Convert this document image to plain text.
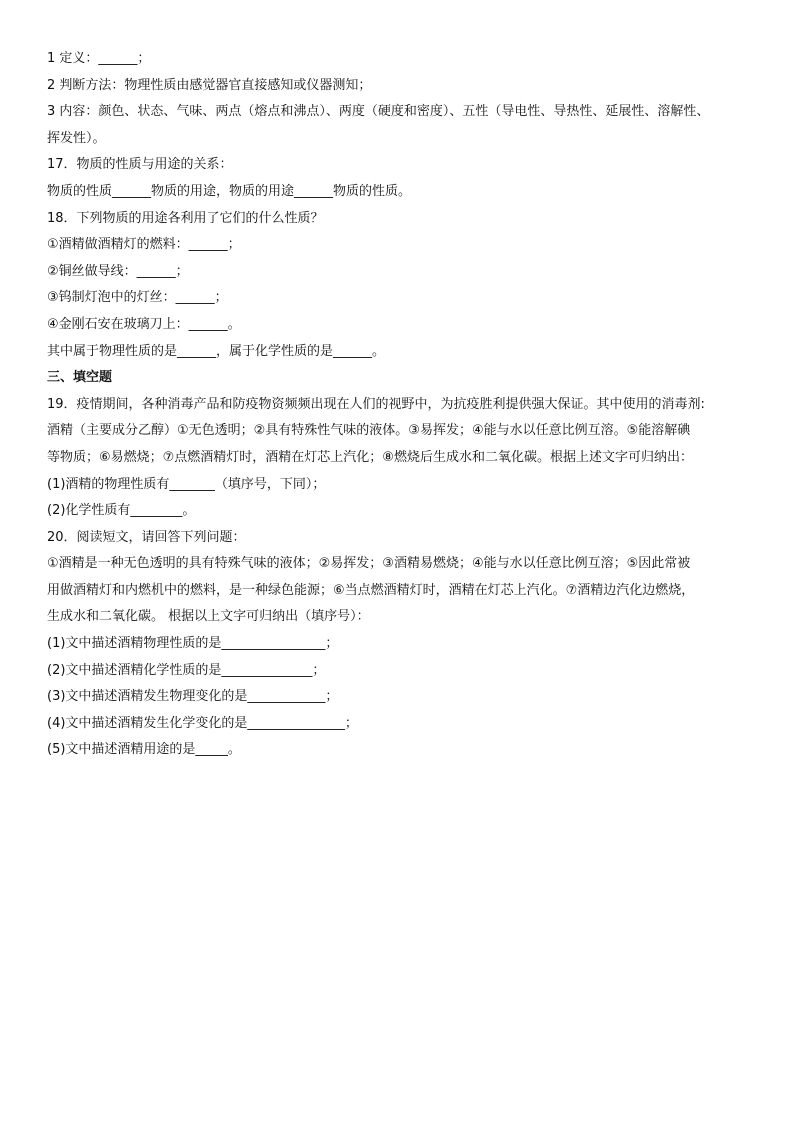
1 定义：______；

2 判断方法：物理性质由感觉器官直接感知或仪器测知；

3 内容：颜色、状态、气味、两点（熔点和沸点）、两度（硬度和密度）、五性（导电性、导热性、延展性、溶解性、

挥发性）。

17．物质的性质与用途的关系：

物质的性质______物质的用途，物质的用途______物质的性质。

18．下列物质的用途各利用了它们的什么性质？

①酒精做酒精灯的燃料：______；

②铜丝做导线：______；

③钨制灯泡中的灯丝：______；

④金刚石安在玻璃刀上：______。

其中属于物理性质的是______，属于化学性质的是______。

三、填空题

19．疫情期间，各种消毒产品和防疫物资频频出现在人们的视野中，为抗疫胜利提供强大保证。其中使用的消毒剂:

酒精（主要成分乙醇）①无色透明；②具有特殊性气味的液体。③易挥发；④能与水以任意比例互溶。⑤能溶解碘

等物质；⑥易燃烧；⑦点燃酒精灯时，酒精在灯芯上汽化；⑧燃烧后生成水和二氧化碳。根据上述文字可归纳出：

(1)酒精的物理性质有_______（填序号，下同）；

(2)化学性质有________。

20．阅读短文，请回答下列问题：

①酒精是一种无色透明的具有特殊气味的液体；②易挥发；③酒精易燃烧；④能与水以任意比例互溶；⑤因此常被

用做酒精灯和内燃机中的燃料，是一种绿色能源；⑥当点燃酒精灯时，酒精在灯芯上汽化。⑦酒精边汽化边燃烧，

生成水和二氧化碳。 根据以上文字可归纳出（填序号）：

(1)文中描述酒精物理性质的是________________；

(2)文中描述酒精化学性质的是______________；

(3)文中描述酒精发生物理变化的是____________；

(4)文中描述酒精发生化学变化的是_______________；

(5)文中描述酒精用途的是_____。
